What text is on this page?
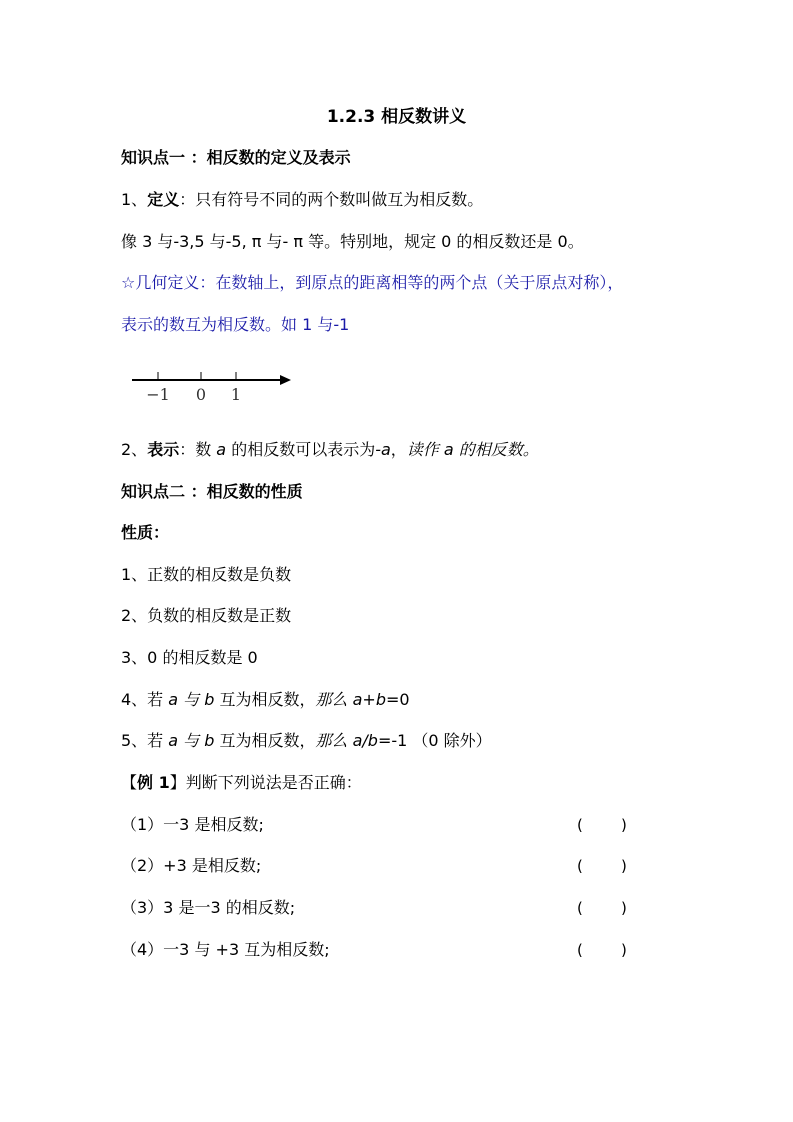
1.2.3 相反数讲义
知识点一 ：相反数的定义及表示
1、定义：只有符号不同的两个数叫做互为相反数。
像 3 与-3,5 与-5, π 与- π 等。特别地，规定 0 的相反数还是 0。
☆几何定义：在数轴上，到原点的距离相等的两个点（关于原点对称），
表示的数互为相反数。如 1 与-1
−1 0 1
2、表示：数 a 的相反数可以表示为-a，读作 a 的相反数。
知识点二 ：相反数的性质
性质：
1、正数的相反数是负数
2、负数的相反数是正数
3、0 的相反数是 0
4、若 a 与 b 互为相反数，那么 a+b=0
5、若 a 与 b 互为相反数，那么 a/b=-1 （0 除外）
【例 1】判断下列说法是否正确：
（1）一3 是相反数;	(        )
（2）+3 是相反数;	(        )
（3）3 是一3 的相反数;	(        )
（4）一3 与 +3 互为相反数;	(        )
